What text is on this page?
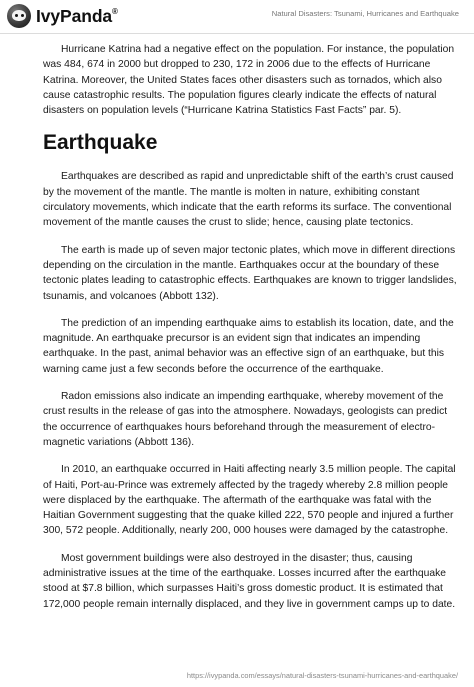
IvyPanda®	Natural Disasters: Tsunami, Hurricanes and Earthquake

Hurricane Katrina had a negative effect on the population. For instance, the population was 484, 674 in 2000 but dropped to 230, 172 in 2006 due to the effects of Hurricane Katrina. Moreover, the United States faces other disasters such as tornados, which also cause catastrophic results. The population figures clearly indicate the effects of natural disasters on population levels (“Hurricane Katrina Statistics Fast Facts” par. 5).

Earthquake

Earthquakes are described as rapid and unpredictable shift of the earth’s crust caused by the movement of the mantle. The mantle is molten in nature, exhibiting constant circulatory movements, which indicate that the earth reforms its surface. The conventional movement of the mantle causes the crust to slide; hence, causing plate tectonics.

The earth is made up of seven major tectonic plates, which move in different directions depending on the circulation in the mantle. Earthquakes occur at the boundary of these tectonic plates leading to catastrophic effects. Earthquakes are known to trigger landslides, tsunamis, and volcanoes (Abbott 132).

The prediction of an impending earthquake aims to establish its location, date, and the magnitude. An earthquake precursor is an evident sign that indicates an impending earthquake. In the past, animal behavior was an effective sign of an earthquake, but this warning came just a few seconds before the occurrence of the earthquake.

Radon emissions also indicate an impending earthquake, whereby movement of the crust results in the release of gas into the atmosphere. Nowadays, geologists can predict the occurrence of earthquakes hours beforehand through the measurement of electro-magnetic variations (Abbott 136).

In 2010, an earthquake occurred in Haiti affecting nearly 3.5 million people. The capital of Haiti, Port-au-Prince was extremely affected by the tragedy whereby 2.8 million people were displaced by the earthquake. The aftermath of the earthquake was fatal with the Haitian Government suggesting that the quake killed 222, 570 people and injured a further 300, 572 people. Additionally, nearly 200, 000 houses were damaged by the catastrophe.

Most government buildings were also destroyed in the disaster; thus, causing administrative issues at the time of the earthquake. Losses incurred after the earthquake stood at $7.8 billion, which surpasses Haiti’s gross domestic product. It is estimated that 172,000 people remain internally displaced, and they live in government camps up to date.

https://ivypanda.com/essays/natural-disasters-tsunami-hurricanes-and-earthquake/
